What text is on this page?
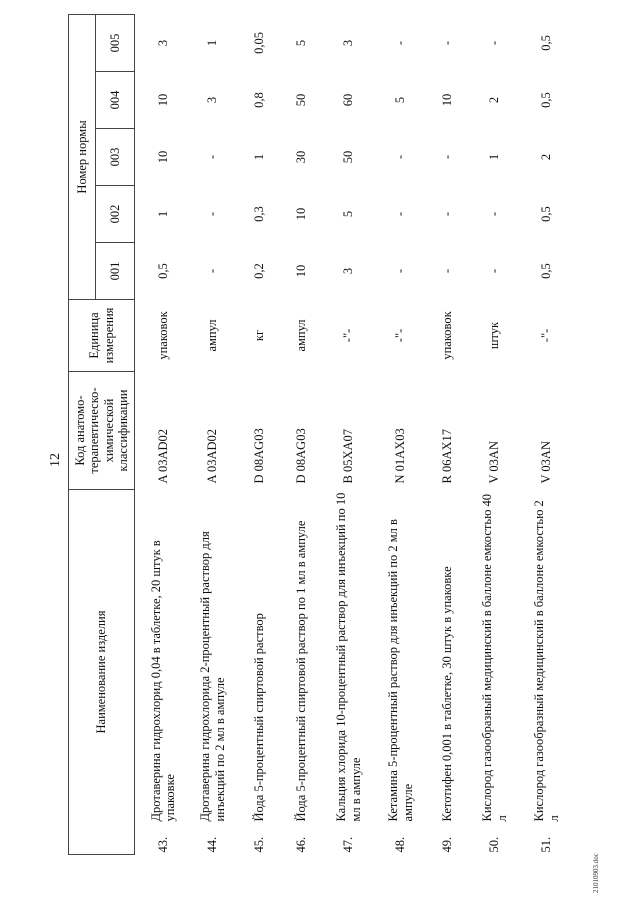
12
Наименование изделия		Код анатомо-терапевтическо-химической классификации	Единица измерения	Номер нормы				
				001	002	003	004	005
43.	Дротаверина гидрохлорид 0,04 в таблетке, 20 штук в упаковке	A 03AD02	упаковок	0,5	1	10	10	3
44.	Дротаверина гидрохлорида 2-процентный раствор для инъекций по 2 мл в ампуле	A 03AD02	ампул	-	-	-	3	1
45.	Йода 5-процентный спиртовой раствор	D 08AG03	кг	0,2	0,3	1	0,8	0,05
46.	Йода 5-процентный спиртовой раствор по 1 мл в ампуле	D 08AG03	ампул	10	10	30	50	5
47.	Кальция хлорида 10-процентный раствор для инъекций по 10 мл в ампуле	B 05XA07	-"-	3	5	50	60	3
48.	Кетамина 5-процентный раствор для инъекций по 2 мл в ампуле	N 01AX03	-"-	-	-	-	5	-
49.	Кетотифен 0,001 в таблетке, 30 штук в упаковке	R 06AX17	упаковок	-	-	-	10	-
50.	Кислород газообразный медицинский в баллоне емкостью 40 л	V 03AN	штук	-	-	1	2	-
51.	Кислород газообразный медицинский в баллоне емкостью 2 л	V 03AN	-"-	0,5	0,5	2	0,5	0,5
21010903.doc
